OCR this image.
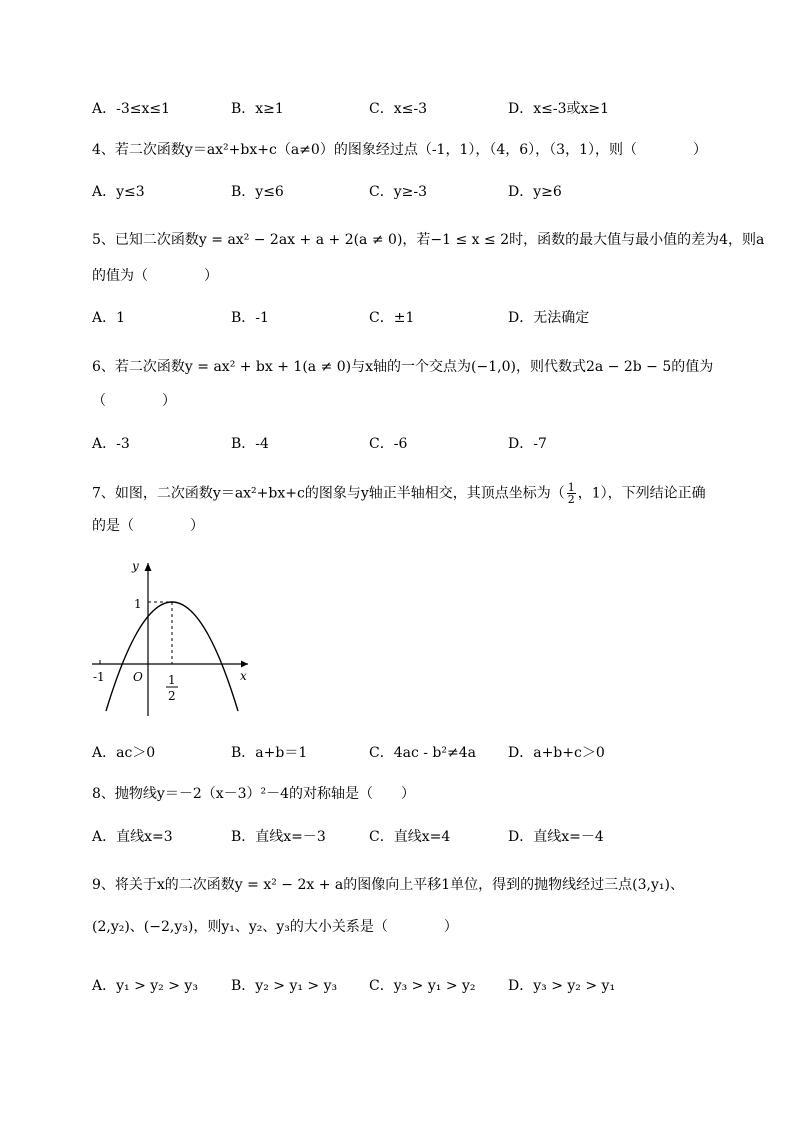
A．-3≤x≤1	B．x≥1	C．x≤-3	D．x≤-3或x≥1
4、若二次函数y＝ax²+bx+c（a≠0）的图象经过点（-1，1），（4，6），（3，1），则（　　　　）
A．y≤3	B．y≤6	C．y≥-3	D．y≥6
5、已知二次函数y = ax² − 2ax + a + 2(a ≠ 0)，若−1 ≤ x ≤ 2时，函数的最大值与最小值的差为4，则a
的值为（　　　　）
A．1	B．-1	C．±1	D．无法确定
6、若二次函数y = ax² + bx + 1(a ≠ 0)与x轴的一个交点为(−1,0)，则代数式2a − 2b − 5的值为
（　　　　）
A．-3	B．-4	C．-6	D．-7
7、如图，二次函数y＝ax²+bx+c的图象与y轴正半轴相交，其顶点坐标为（ $\frac{1}{2}$ ，1），下列结论正确
的是（　　　　）
y
x
1
-1 O 1
2
A．ac＞0	B．a+b＝1	C．4ac - b²≠4a D．a+b+c＞0
8、抛物线y＝－2（x－3）²－4的对称轴是（　　）
A．直线x=3	B．直线x=－3	C．直线x=4	D．直线x=－4
9、将关于x的二次函数y = x² − 2x + a的图像向上平移1单位，得到的抛物线经过三点(3,y₁)、
(2,y₂)、(−2,y₃)，则y₁、y₂、y₃的大小关系是（　　　　）
A．y₁ > y₂ > y₃ B．y₂ > y₁ > y₃ C．y₃ > y₁ > y₂ D．y₃ > y₂ > y₁
